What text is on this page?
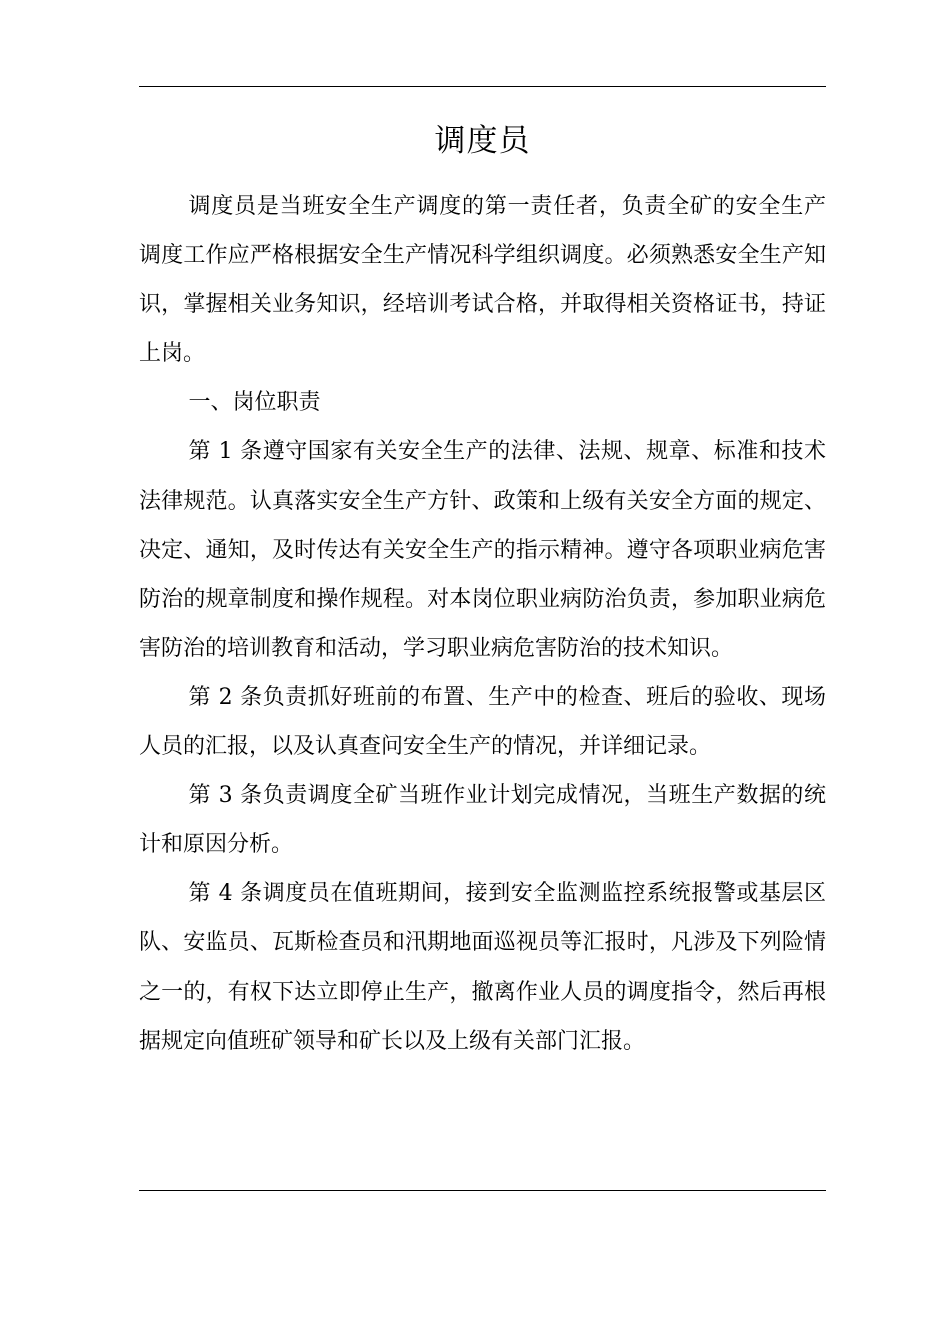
调度员

调度员是当班安全生产调度的第一责任者，负责全矿的安全生产调度工作应严格根据安全生产情况科学组织调度。必须熟悉安全生产知识，掌握相关业务知识，经培训考试合格，并取得相关资格证书，持证上岗。

一、岗位职责

第 1 条遵守国家有关安全生产的法律、法规、规章、标准和技术法律规范。认真落实安全生产方针、政策和上级有关安全方面的规定、决定、通知，及时传达有关安全生产的指示精神。遵守各项职业病危害防治的规章制度和操作规程。对本岗位职业病防治负责，参加职业病危害防治的培训教育和活动，学习职业病危害防治的技术知识。

第 2 条负责抓好班前的布置、生产中的检查、班后的验收、现场人员的汇报，以及认真查问安全生产的情况，并详细记录。

第 3 条负责调度全矿当班作业计划完成情况，当班生产数据的统计和原因分析。

第 4 条调度员在值班期间，接到安全监测监控系统报警或基层区队、安监员、瓦斯检查员和汛期地面巡视员等汇报时，凡涉及下列险情之一的，有权下达立即停止生产，撤离作业人员的调度指令，然后再根据规定向值班矿领导和矿长以及上级有关部门汇报。
